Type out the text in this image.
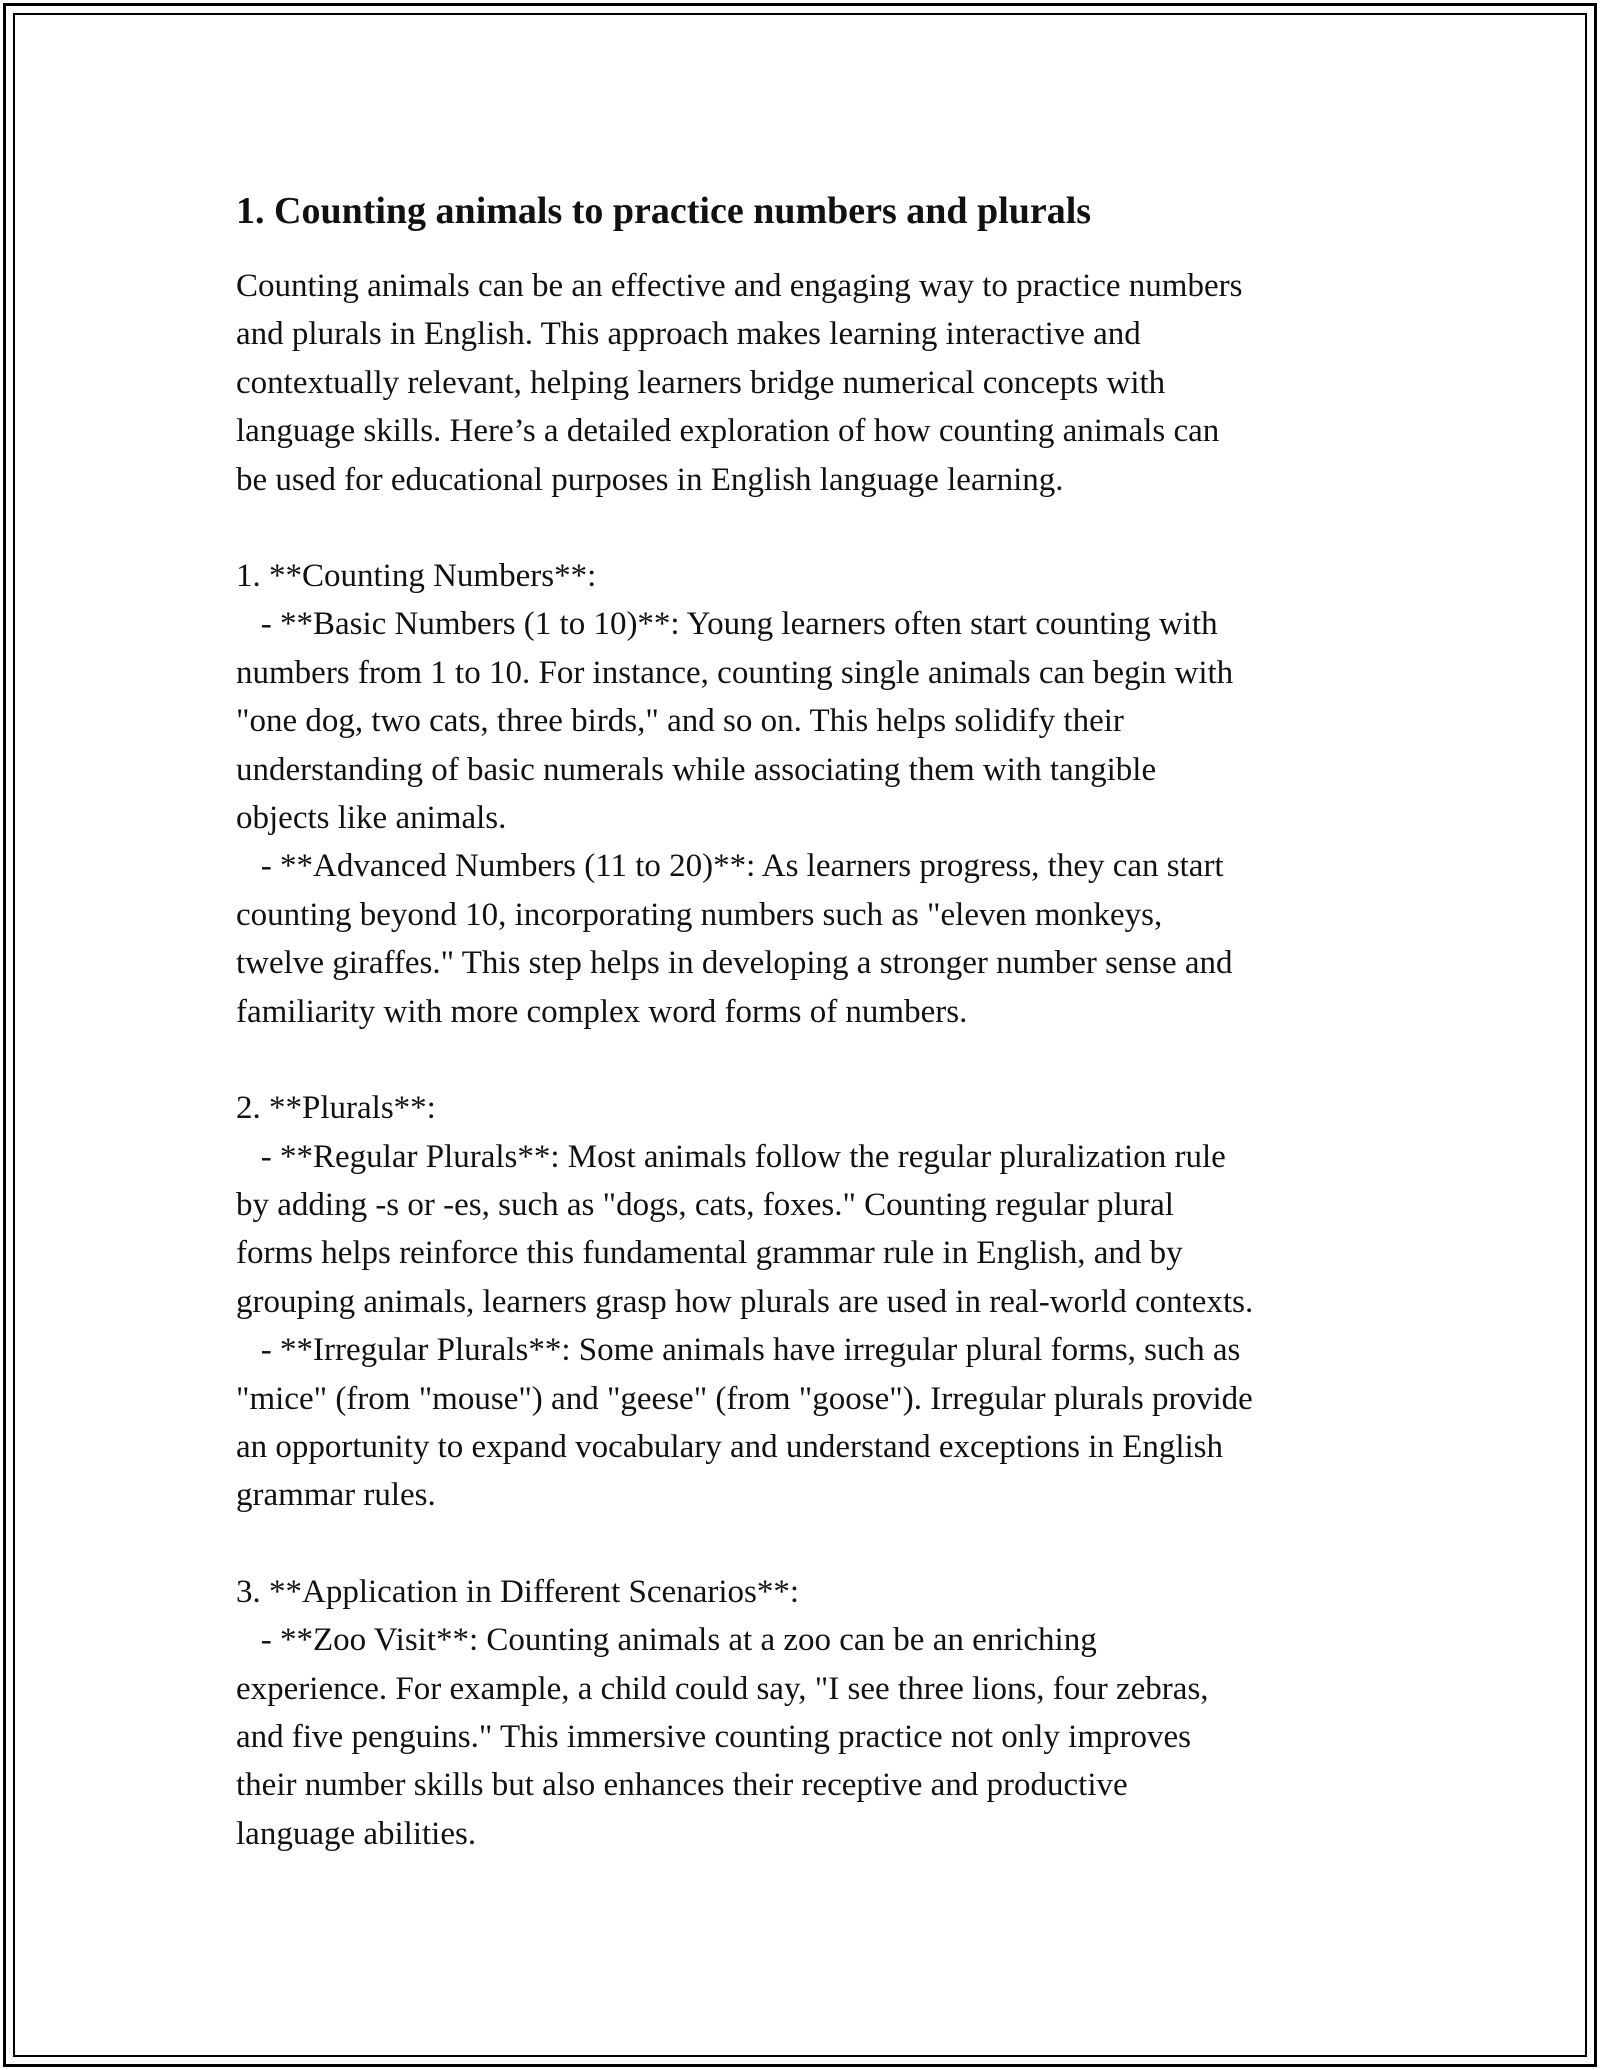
1. Counting animals to practice numbers and plurals
Counting animals can be an effective and engaging way to practice numbers
and plurals in English. This approach makes learning interactive and
contextually relevant, helping learners bridge numerical concepts with
language skills. Here’s a detailed exploration of how counting animals can
be used for educational purposes in English language learning.
1. **Counting Numbers**:
- **Basic Numbers (1 to 10)**: Young learners often start counting with
numbers from 1 to 10. For instance, counting single animals can begin with
"one dog, two cats, three birds," and so on. This helps solidify their
understanding of basic numerals while associating them with tangible
objects like animals.
- **Advanced Numbers (11 to 20)**: As learners progress, they can start
counting beyond 10, incorporating numbers such as "eleven monkeys,
twelve giraffes." This step helps in developing a stronger number sense and
familiarity with more complex word forms of numbers.
2. **Plurals**:
- **Regular Plurals**: Most animals follow the regular pluralization rule
by adding -s or -es, such as "dogs, cats, foxes." Counting regular plural
forms helps reinforce this fundamental grammar rule in English, and by
grouping animals, learners grasp how plurals are used in real-world contexts.
- **Irregular Plurals**: Some animals have irregular plural forms, such as
"mice" (from "mouse") and "geese" (from "goose"). Irregular plurals provide
an opportunity to expand vocabulary and understand exceptions in English
grammar rules.
3. **Application in Different Scenarios**:
- **Zoo Visit**: Counting animals at a zoo can be an enriching
experience. For example, a child could say, "I see three lions, four zebras,
and five penguins." This immersive counting practice not only improves
their number skills but also enhances their receptive and productive
language abilities.
